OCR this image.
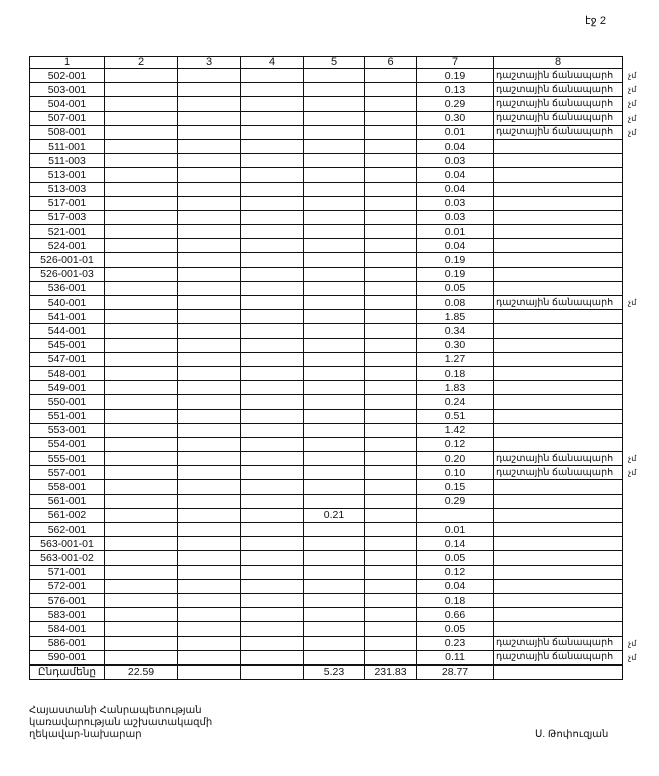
էջ 2
1	2	3	4	5	6	7	8
502-001						0.19	դաշտային ճանապարհ չմ

503-001						0.13	դաշտային ճանապարհ չմ

504-001						0.29	դաշտային ճանապարհ չմ

507-001						0.30	դաշտային ճանապարհ չմ

508-001						0.01	դաշտային ճանապարհ չմ

511-001						0.04	

511-003						0.03	

513-001						0.04	

513-003						0.04	

517-001						0.03	

517-003						0.03	

521-001						0.01	

524-001						0.04	

526-001-01						0.19	

526-001-03						0.19	

536-001						0.05	

540-001						0.08	դաշտային ճանապարհ չմ

541-001						1.85	

544-001						0.34	

545-001						0.30	

547-001						1.27	

548-001						0.18	

549-001						1.83	

550-001						0.24	

551-001						0.51	

553-001						1.42	

554-001						0.12	

555-001						0.20	դաշտային ճանապարհ չմ

557-001						0.10	դաշտային ճանապարհ չմ

558-001						0.15	

561-001						0.29	

561-002				0.21			

562-001						0.01	

563-001-01						0.14	

563-001-02						0.05	

571-001						0.12	

572-001						0.04	

576-001						0.18	

583-001						0.66	

584-001						0.05	

586-001						0.23	դաշտային ճանապարհ չմ

590-001						0.11	դաշտային ճանապարհ չմ

Ընդամենը	22.59			5.23	231.83	28.77	
Հայաստանի Հանրապետության
կառավարության աշխատակազմի
ղեկավար-նախարար	Ս. Թոփուզյան
